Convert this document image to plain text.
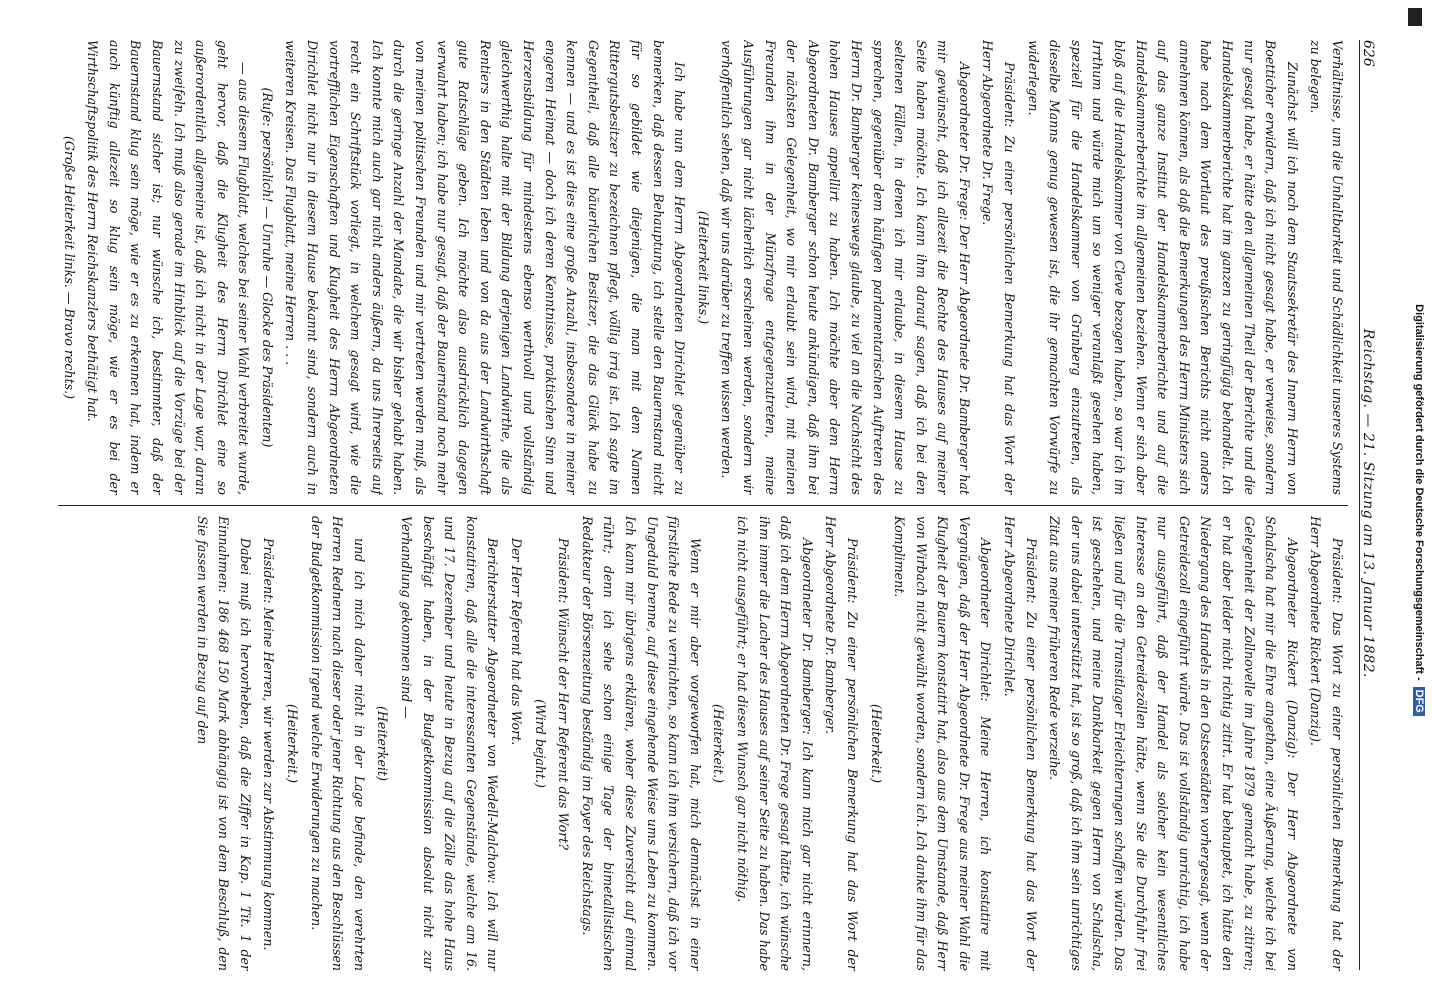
Digitalisierung gefördert durch die Deutsche Forschungsgemeinschaft -DFG
626
Reichstag. — 21. Sitzung am 13. Januar 1882.

Verhältnisse, um die Unhaltbarkeit und Schädlichkeit unseres Systems zu belegen.

Zunächst will ich noch dem Staatssekretär des Innern Herrn von Boetticher erwidern, daß ich nicht gesagt habe, er verweise, sondern nur gesagt habe, er hätte den allgemeinen Theil der Berichte und die Handelskammerberichte hat im ganzen zu geringfügig behandelt. Ich habe nach dem Wortlaut des preußischen Berichts nicht anders annehmen können, als daß die Bemerkungen des Herrn Ministers sich auf das ganze Institut der Handelskammerberichte und auf die Handelskammerberichte im allgemeinen beziehen. Wenn er sich aber bloß auf die Handelskammer von Cleve bezogen haben, so war ich im Irrthum und würde mich um so weniger veranlaßt gesehen haben, speziell für die Handelskammer von Grünberg einzutreten, als dieselbe Manns genug gewesen ist, die ihr gemachten Vorwürfe zu widerlegen.

Präsident: Zu einer persönlichen Bemerkung hat das Wort der Herr Abgeordnete Dr. Frege.

Abgeordneter Dr. Frege: Der Herr Abgeordnete Dr. Bamberger hat mir gewünscht, daß ich allezeit die Rechte des Hauses auf meiner Seite haben möchte. Ich kann ihm darauf sagen, daß ich bei den seltenen Fällen, in denen ich mir erlaube, in diesem Hause zu sprechen, gegenüber dem häufigen parlamentarischen Auftreten des Herrn Dr. Bamberger keineswegs glaube, zu viel an die Nachsicht des hohen Hauses appellirt zu haben. Ich möchte aber dem Herrn Abgeordneten Dr. Bamberger schon heute ankündigen, daß ihm bei der nächsten Gelegenheit, wo mir erlaubt sein wird, mit meinen Freunden ihm in der Münzfrage entgegenzutreten, meine Ausführungen gar nicht lächerlich erscheinen werden, sondern wir verhoffentlich sehen, daß wir uns darüber zu treffen wissen werden.

(Heiterkeit links.)

Ich habe nun dem Herrn Abgeordneten Dirichlet gegenüber zu bemerken, daß dessen Behauptung, ich stelle den Bauernstand nicht für so gebildet wie diejenigen, die man mit dem Namen Rittergutsbesitzer zu bezeichnen pflegt, völlig irrig ist. Ich sagte im Gegentheil, daß alle bäuerlichen Besitzer, die das Glück habe zu kennen — und es ist dies eine große Anzahl, insbesondere in meiner engeren Heimat — doch ich deren Kenntnisse, praktischen Sinn und Herzensbildung für mindestens ebenso werthvoll und vollständig gleichwerthig halte mit der Bildung derjenigen Landwirthe, die als Rentiers in den Städten leben und von da aus der Landwirthschaft gute Ratschläge geben. Ich möchte also ausdrücklich dagegen verwahrt haben; ich habe nur gesagt, daß der Bauernstand noch mehr von meinen politischen Freunden und mir vertreten werden muß, als durch die geringe Anzahl der Mandate, die wir bisher gehabt haben. Ich konnte mich auch gar nicht anders äußern, da uns Ihrerseits auf recht ein Schriftstück vorliegt, in welchem gesagt wird, wie die vortrefflichen Eigenschaften und Klugheit des Herrn Abgeordneten Dirichlet nicht nur in diesem Hause bekannt sind, sondern auch in weiteren Kreisen. Das Flugblatt, meine Herren . . .

(Rufe: persönlich! — Unruhe — Glocke des Präsidenten)

— aus diesem Flugblatt, welches bei seiner Wahl verbreitet wurde, geht hervor, daß die Klugheit des Herrn Dirichlet eine so außerordentlich allgemeine ist, daß ich nicht in der Lage war, daran zu zweifeln. Ich muß also gerade im Hinblick auf die Vorzüge bei der Bauernstand sicher ist; nur wünsche ich, bestimmter, daß der Bauernstand klug sein möge, wie er es zu erkennen hat, indem er auch künftig allezeit so klug sein möge, wie er es bei der Wirthschaftspolitik des Herrn Reichskanzlers bethätigt hat.

(Große Heiterkeit links. — Bravo rechts.)

Präsident: Das Wort zu einer persönlichen Bemerkung hat der Herr Abgeordnete Rickert (Danzig).

Abgeordneter Rickert (Danzig): Der Herr Abgeordnete von Schalscha hat mir die Ehre angethan, eine Äußerung, welche ich bei Gelegenheit der Zollnovelle im Jahre 1879 gemacht habe, zu zitiren; er hat aber leider nicht richtig zitirt. Er hat behauptet, ich hätte den Niedergang des Handels in den Ostseestädten vorhergesagt, wenn der Getreidezoll eingeführt würde. Das ist vollständig unrichtig, ich habe nur ausgeführt, daß der Handel als solcher kein wesentliches Interesse an den Getreidezöllen hätte, wenn Sie die Durchfuhr frei ließen und für die Transitlager Erleichterungen schaffen würden. Das ist geschehen, und meine Dankbarkeit gegen Herrn von Schalscha, der uns dabei unterstützt hat, ist so groß, daß ich ihm sein unrichtiges Zitat aus meiner früheren Rede verzeihe.

Präsident: Zu einer persönlichen Bemerkung hat das Wort der Herr Abgeordnete Dirichlet.

Abgeordneter Dirichlet: Meine Herren, ich konstatire mit Vergnügen, daß der Herr Abgeordnete Dr. Frege aus meiner Wahl die Klugheit der Bauern konstatirt hat, also aus dem Umstande, daß Herr von Wirbach nicht gewählt worden, sondern ich. Ich danke ihm für das Kompliment.

(Heiterkeit.)

Präsident: Zu einer persönlichen Bemerkung hat das Wort der Herr Abgeordnete Dr. Bamberger.

Abgeordneter Dr. Bamberger: Ich kann mich gar nicht erinnern, daß ich dem Herrn Abgeordneten Dr. Frege gesagt hätte, ich wünsche ihm immer die Lacher des Hauses auf seiner Seite zu haben. Das habe ich nicht ausgeführt; er hat diesen Wunsch gar nicht nöthig.

(Heiterkeit.)

Wenn er mir aber vorgeworfen hat, mich demnächst in einer fürstliche Rede zu vernichten, so kann ich ihm versichern, daß ich vor Ungeduld brenne, auf diese eingehende Weise ums Leben zu kommen. Ich kann mir übrigens erklären, woher diese Zuversicht auf einmal rührt; denn ich sehe schon einige Tage der bimetallistischen Redakteur der Börsenzeitung beständig im Foyer des Reichstags.

Präsident: Wünscht der Herr Referent das Wort?

(Wird bejaht.)

Der Herr Referent hat das Wort.

Berichterstatter Abgeordneter von Wedell-Malchow: Ich will nur konstatiren, daß alle die interessanten Gegenstände, welche am 16. und 17. Dezember und heute in Bezug auf die Zölle das hohe Haus beschäftigt haben, in der Budgetkommission absolut nicht zur Verhandlung gekommen sind —

(Heiterkeit)

und ich mich daher nicht in der Lage befinde, den verehrten Herren Rednern nach dieser oder jener Richtung aus den Beschlüssen der Budgetkommission irgend welche Erwiderungen zu machen.

(Heiterkeit.)

Präsident: Meine Herren, wir werden zur Abstimmung kommen.

Dabei muß ich hervorheben, daß die Ziffer in Kap. 1 Tit. 1 der Einnahmen: 186 468 150 Mark abhängig ist von dem Beschluß, den Sie fassen werden in Bezug auf den
